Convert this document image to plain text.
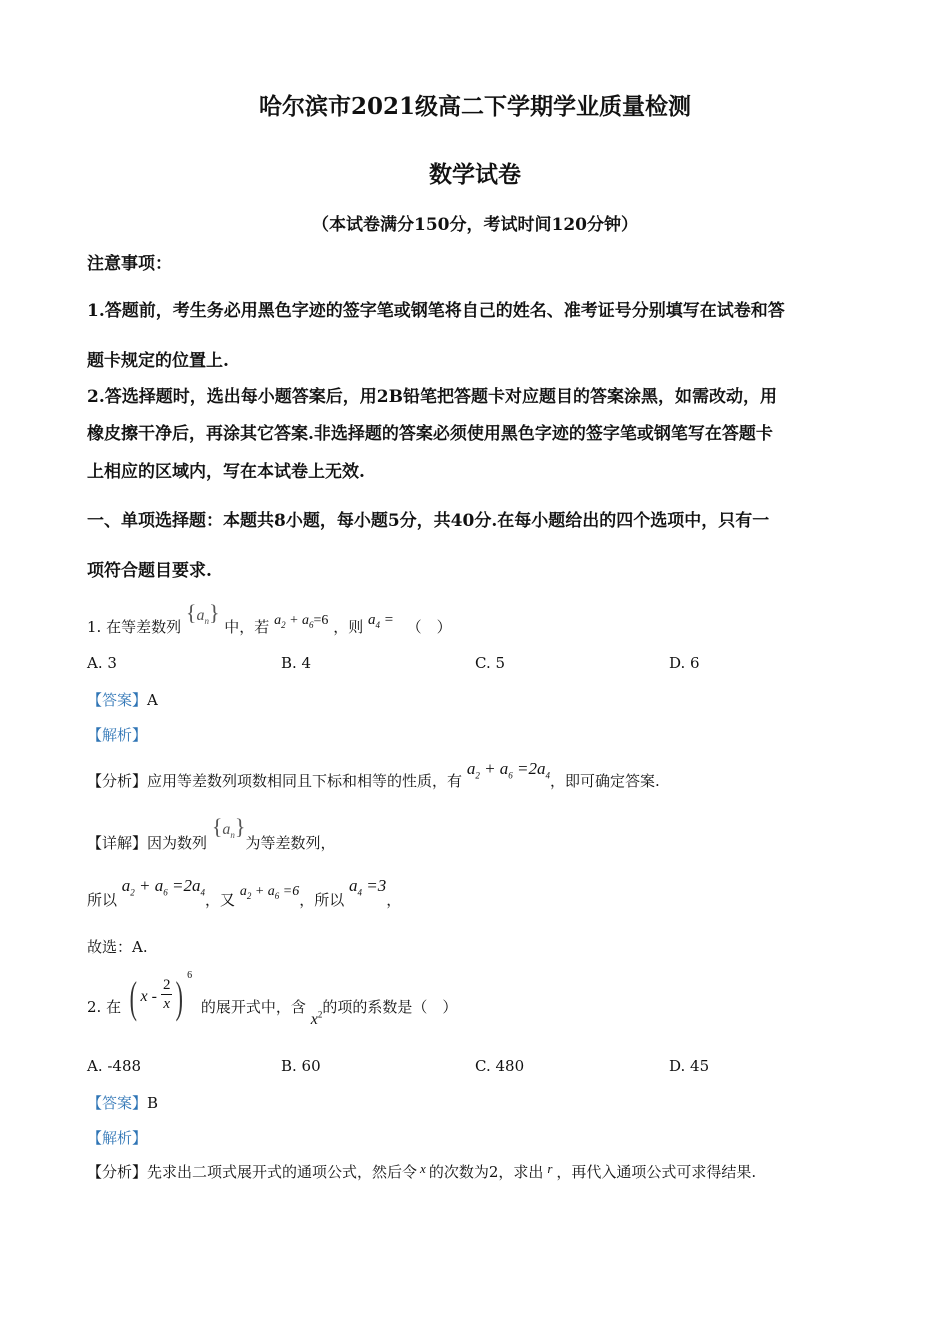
哈尔滨市2021级高二下学期学业质量检测
数学试卷
（本试卷满分150分，考试时间120分钟）
注意事项：
1.答题前，考生务必用黑色字迹的签字笔或钢笔将自己的姓名、准考证号分别填写在试卷和答
题卡规定的位置上.
2.答选择题时，选出每小题答案后，用2B铅笔把答题卡对应题目的答案涂黑，如需改动，用
橡皮擦干净后，再涂其它答案.非选择题的答案必须使用黑色字迹的签字笔或钢笔写在答题卡
上相应的区域内，写在本试卷上无效.
一、单项选择题：本题共8小题，每小题5分，共40分.在每小题给出的四个选项中，只有一
项符合题目要求.
1. 在等差数列 $\{a_n\}$ 中，若 $a_2 + a_6=6$ ，则 $a_4$ = （　）
A. 3	B. 4	C. 5	D. 6
【答案】A
【解析】
【分析】应用等差数列项数相同且下标和相等的性质，有 $a_2 + a_6 =2a_4$，即可确定答案.
【详解】因为数列 $\{a_n\}$为等差数列，
所以 $a_2 + a_6 =2a_4$，又 $a_2 + a_6 =6$，所以 $a_4 =3$，
故选：A.
2. 在 ( x - $\frac{2}{x}$ ) $^6$ 的展开式中，含 $x^2$的项的系数是（　）
A. -488	B. 60	C. 480	D. 45
【答案】B
【解析】
【分析】先求出二项式展开式的通项公式，然后令 x 的次数为2，求出 r ，再代入通项公式可求得结果.
